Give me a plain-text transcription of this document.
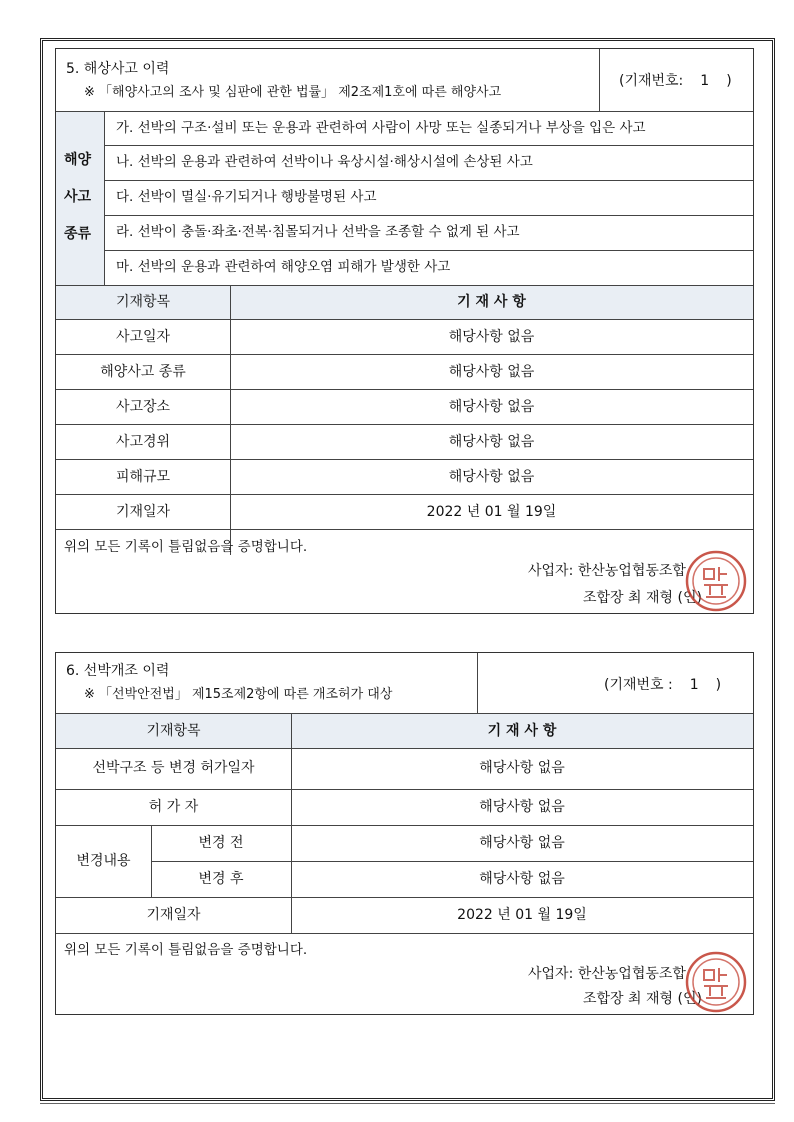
5. 해상사고 이력
※ 「해양사고의 조사 및 심판에 관한 법률」 제2조제1호에 따른 해양사고
(기재번호: 1 )
해양
사고
종류
가. 선박의 구조·설비 또는 운용과 관련하여 사람이 사망 또는 실종되거나 부상을 입은 사고
나. 선박의 운용과 관련하여 선박이나 육상시설·해상시설에 손상된 사고
다. 선박이 멸실·유기되거나 행방불명된 사고
라. 선박이 충돌·좌초·전복·침몰되거나 선박을 조종할 수 없게 된 사고
마. 선박의 운용과 관련하여 해양오염 피해가 발생한 사고
기재항목	기 재 사 항
사고일자	해당사항 없음
해양사고 종류	해당사항 없음
사고장소	해당사항 없음
사고경위	해당사항 없음
피해규모	해당사항 없음
기재일자	2022 년 01 월 19일
위의 모든 기록이 틀림없음을 증명합니다.
사업자: 한산농업협동조합
조합장 최 재형 (인)
6. 선박개조 이력
※ 「선박안전법」 제15조제2항에 따른 개조허가 대상
(기재번호 : 1 )
기재항목	기 재 사 항
선박구조 등 변경 허가일자	해당사항 없음
허 가 자	해당사항 없음
변경내용
변경 전	해당사항 없음
변경 후	해당사항 없음
기재일자	2022 년 01 월 19일
위의 모든 기록이 틀림없음을 증명합니다.
사업자: 한산농업협동조합
조합장 최 재형 (인)
